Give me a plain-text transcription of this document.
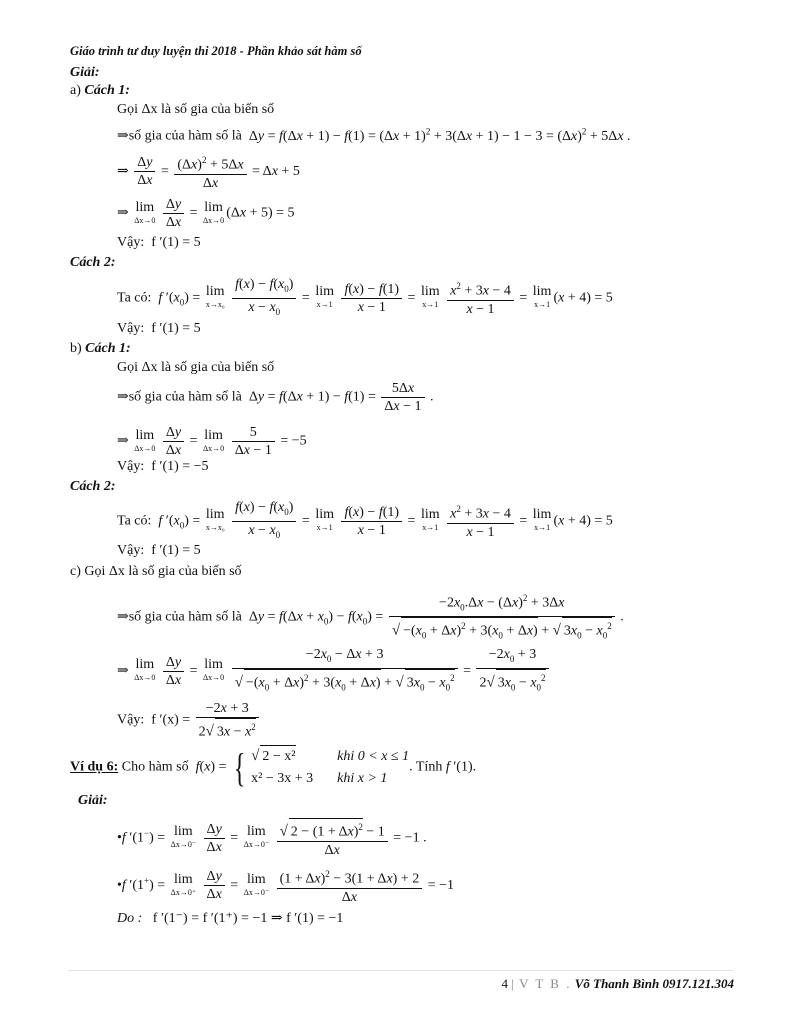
Giáo trình tư duy luyện thi 2018 - Phần khảo sát hàm số
Giải:
a) Cách 1:
Gọi Δx là số gia của biến số
⇒số gia của hàm số là $\Delta y = f(\Delta x + 1) - f(1) = (\Delta x + 1)^2 + 3(\Delta x + 1) - 1 - 3 = (\Delta x)^2 + 5\Delta x$ .
⇒ $\frac{\Delta y}{\Delta x} = \frac{(\Delta x)^2 + 5\Delta x}{\Delta x} = \Delta x + 5$
⇒ lim
Δx→0
$\frac{\Delta y}{\Delta x} = \lim$
Δx→0 (Δx + 5) = 5
Vậy: f ′(1) = 5
Cách 2:
Ta có: f $'(x_0) = \lim$
x→x₀
$\frac{f(x) - f(x_0)}{x - x_0} = \lim$
x→1
$\frac{f(x) - f(1)}{x - 1} = \lim$
x→1
$\frac{x^2 + 3x - 4}{x - 1} = \lim$
x→1 (x + 4) = 5
Vậy: f ′(1) = 5
b) Cách 1:
Gọi Δx là số gia của biến số
⇒số gia của hàm số là  $\Delta y = f(\Delta x + 1) - f(1) = \frac{5\Delta x}{\Delta x - 1}$ .
⇒ lim
Δx→0
$\frac{\Delta y}{\Delta x} = \lim$
Δx→0
$\frac{5}{\Delta x - 1} = -5$
Vậy: f ′(1) = −5
Cách 2:
Ta có: f $'(x_0) = \lim$
x→x₀
$\frac{f(x) - f(x_0)}{x - x_0} = \lim$
x→1
$\frac{f(x) - f(1)}{x - 1} = \lim$
x→1
$\frac{x^2 + 3x - 4}{x - 1} = \lim$
x→1 (x + 4) = 5
Vậy: f ′(1) = 5
c) Gọi Δx là số gia của biến số
⇒số gia của hàm số là  $\Delta y = f(\Delta x + x_0) - f(x_0) = \frac{-2x_0.\Delta x - (\Delta x)^2 + 3\Delta x}{√ -(x_0 + \Delta x)^2 + 3(x_0 + \Delta x) + √ 3x_0 - x_0^2}$ .
⇒ lim
Δx→0
$\frac{\Delta y}{\Delta x} = \lim$
Δx→0
$\frac{-2x_0 - \Delta x + 3}{√ -(x_0 + \Delta x)^2 + 3(x_0 + \Delta x) + √ 3x_0 - x_0^2} = \frac{-2x_0 + 3}{2√ 3x_0 - x_0^2}$
Vậy: f $'(x) = \frac{-2x + 3}{2√ 3x - x^2}$
Ví dụ 6: Cho hàm số f(x) = { √ 2 − x²	khi 0 < x ≤ 1
x² − 3x + 3 khi x > 1. Tính f ′(1).
Giải:
•f ′(1−) = lim
Δx→0⁻
$\frac{\Delta y}{\Delta x} = \lim$
Δx→0⁻
$\frac{√ 2 - (1 + \Delta x)^2 - 1}{\Delta x} = -1$ .
•f ′(1+) = lim
Δx→0⁺
$\frac{\Delta y}{\Delta x} = \lim$
Δx→0⁻
$\frac{(1 + \Delta x)^2 - 3(1 + \Delta x) + 2}{\Delta x} = -1$
Do : f ′(1⁻) = f ′(1⁺) = −1 ⇒ f ′(1) = −1
4 | V T B . Võ Thanh Bình 0917.121.304
